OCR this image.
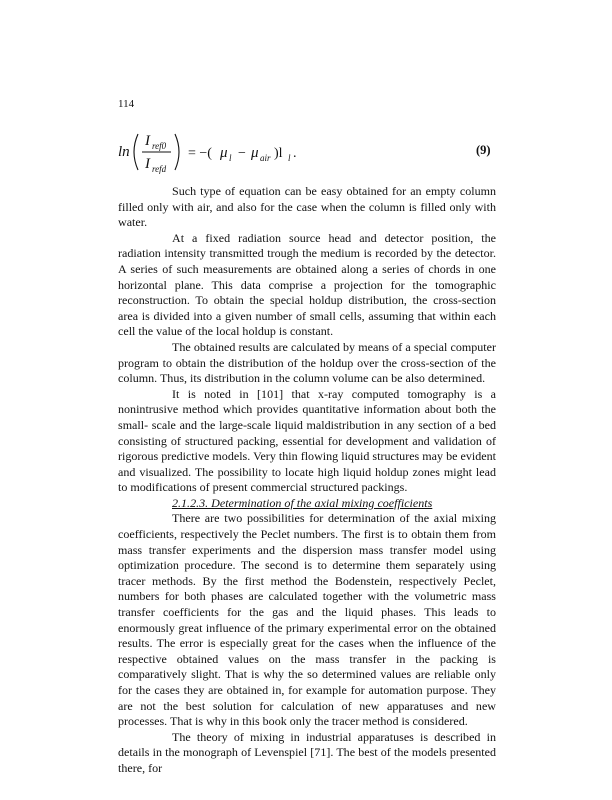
114
ln
I ref0
I refd
= −( μ l − μ air )l l .	(9)

Such type of equation can be easy obtained for an empty column filled only with air, and also for the case when the column is filled only with water.

At a fixed radiation source head and detector position, the radiation intensity transmitted trough the medium is recorded by the detector. A series of such measurements are obtained along a series of chords in one horizontal plane. This data comprise a projection for the tomographic reconstruction. To obtain the special holdup distribution, the cross-section area is divided into a given number of small cells, assuming that within each cell the value of the local holdup is constant.

The obtained results are calculated by means of a special computer program to obtain the distribution of the holdup over the cross-section of the column. Thus, its distribution in the column volume can be also determined.

It is noted in [101] that x-ray computed tomography is a nonintrusive method which provides quantitative information about both the small- scale and the large-scale liquid maldistribution in any section of a bed consisting of structured packing, essential for development and validation of rigorous predictive models. Very thin flowing liquid structures may be evident and visualized. The possibility to locate high liquid holdup zones might lead to modifications of present commercial structured packings.

2.1.2.3. Determination of the axial mixing coefficients

There are two possibilities for determination of the axial mixing coefficients, respectively the Peclet numbers. The first is to obtain them from mass transfer experiments and the dispersion mass transfer model using optimization procedure. The second is to determine them separately using tracer methods. By the first method the Bodenstein, respectively Peclet, numbers for both phases are calculated together with the volumetric mass transfer coefficients for the gas and the liquid phases. This leads to enormously great influence of the primary experimental error on the obtained results. The error is especially great for the cases when the influence of the respective obtained values on the mass transfer in the packing is comparatively slight. That is why the so determined values are reliable only for the cases they are obtained in, for example for automation purpose. They are not the best solution for calculation of new apparatuses and new processes. That is why in this book only the tracer method is considered.

The theory of mixing in industrial apparatuses is described in details in the monograph of Levenspiel [71]. The best of the models presented there, for
